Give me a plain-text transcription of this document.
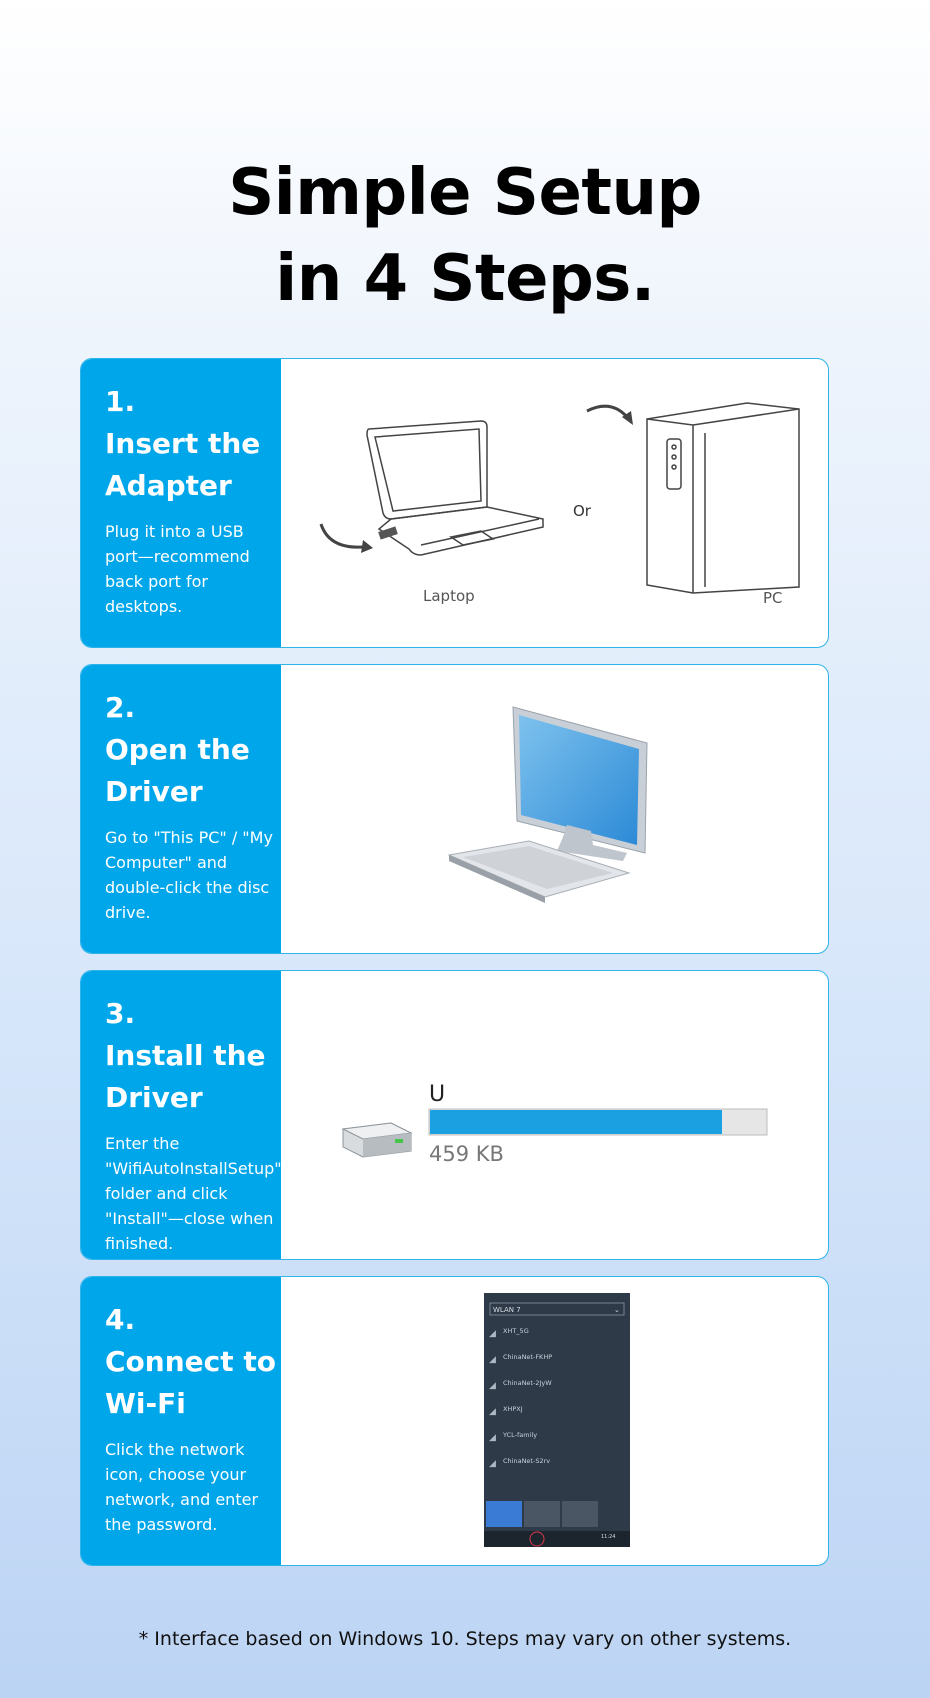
Simple Setup
in 4 Steps.
1.
Insert the Adapter
Plug it into a USB port—recommend back port for desktops.
Laptop
Or
PC
2.
Open the Driver
Go to "This PC" / "My Computer" and double-click the disc drive.
3.
Install the Driver
Enter the "WifiAutoInstallSetup" folder and click "Install"—close when finished.
U
459 KB
4.
Connect to Wi-Fi
Click the network icon, choose your network, and enter the password.
WLAN 7	⌄
◢ XHT_5G
◢ ChinaNet-FKHP
◢ ChinaNet-2JyW
◢ XHPXJ
◢ YCL-family
◢ ChinaNet-S2rv
11:24
* Interface based on Windows 10. Steps may vary on other systems.
